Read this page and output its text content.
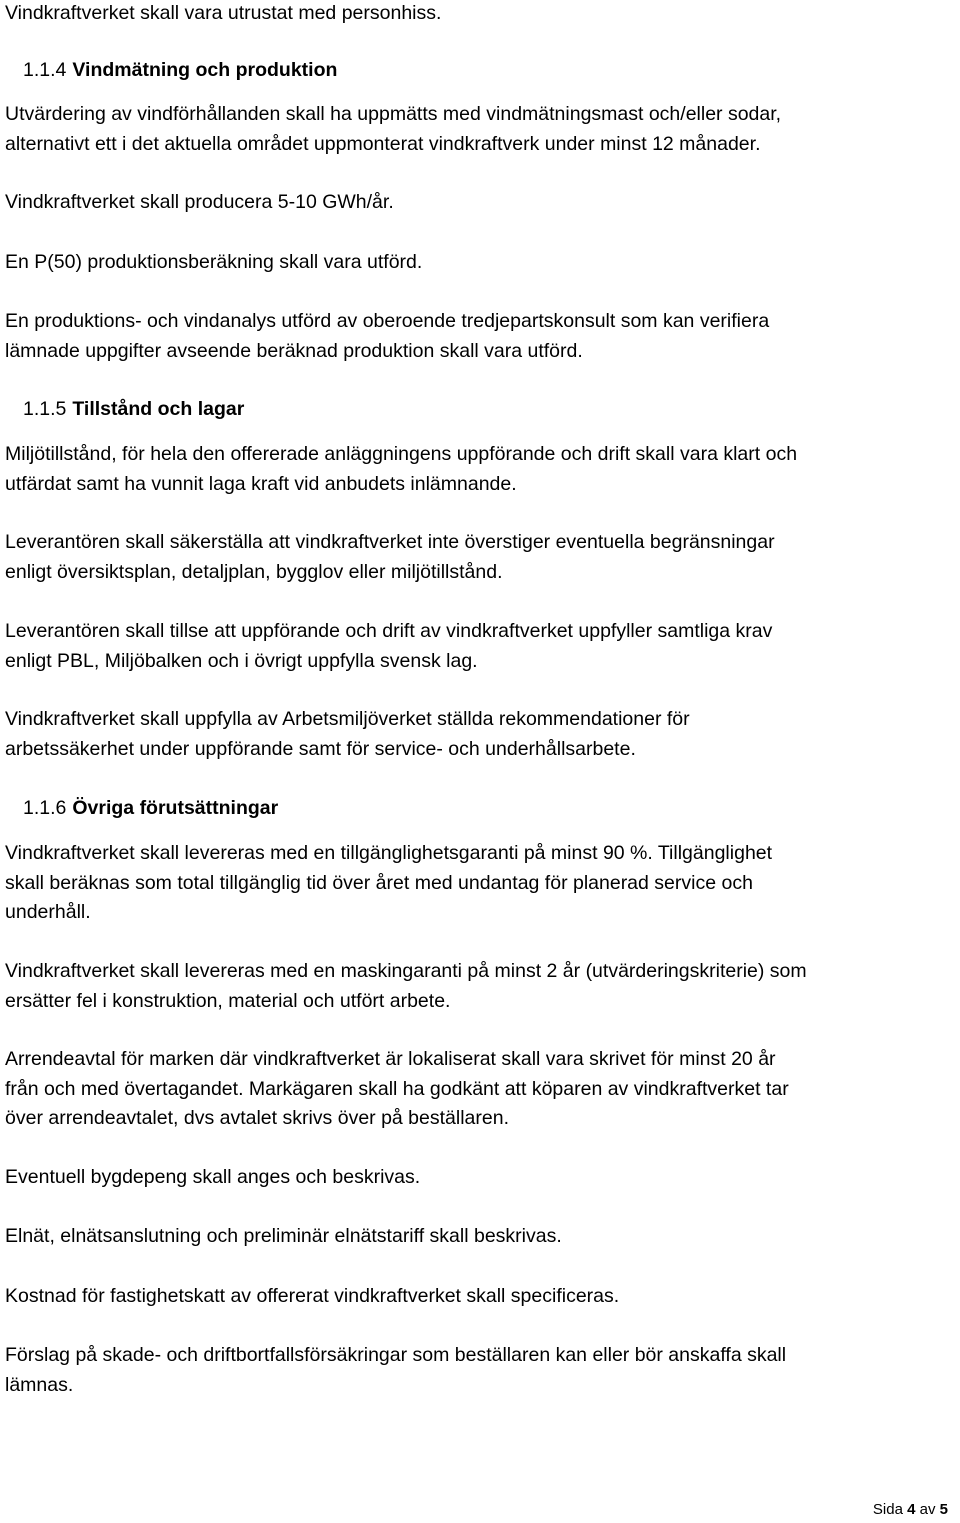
Vindkraftverket skall vara utrustat med personhiss.

1.1.4 Vindmätning och produktion

Utvärdering av vindförhållanden skall ha uppmätts med vindmätningsmast och/eller sodar,
alternativt ett i det aktuella området uppmonterat vindkraftverk under minst 12 månader.

Vindkraftverket skall producera 5-10 GWh/år.

En P(50) produktionsberäkning skall vara utförd.

En produktions- och vindanalys utförd av oberoende tredjepartskonsult som kan verifiera
lämnade uppgifter avseende beräknad produktion skall vara utförd.

1.1.5 Tillstånd och lagar

Miljötillstånd, för hela den offererade anläggningens uppförande och drift skall vara klart och
utfärdat samt ha vunnit laga kraft vid anbudets inlämnande.

Leverantören skall säkerställa att vindkraftverket inte överstiger eventuella begränsningar
enligt översiktsplan, detaljplan, bygglov eller miljötillstånd.

Leverantören skall tillse att uppförande och drift av vindkraftverket uppfyller samtliga krav
enligt PBL, Miljöbalken och i övrigt uppfylla svensk lag.

Vindkraftverket skall uppfylla av Arbetsmiljöverket ställda rekommendationer för
arbetssäkerhet under uppförande samt för service- och underhållsarbete.

1.1.6 Övriga förutsättningar

Vindkraftverket skall levereras med en tillgänglighetsgaranti på minst 90 %. Tillgänglighet
skall beräknas som total tillgänglig tid över året med undantag för planerad service och
underhåll.

Vindkraftverket skall levereras med en maskingaranti på minst 2 år (utvärderingskriterie) som
ersätter fel i konstruktion, material och utfört arbete.

Arrendeavtal för marken där vindkraftverket är lokaliserat skall vara skrivet för minst 20 år
från och med övertagandet. Markägaren skall ha godkänt att köparen av vindkraftverket tar
över arrendeavtalet, dvs avtalet skrivs över på beställaren.

Eventuell bygdepeng skall anges och beskrivas.

Elnät, elnätsanslutning och preliminär elnätstariff skall beskrivas.

Kostnad för fastighetskatt av offererat vindkraftverket skall specificeras.

Förslag på skade- och driftbortfallsförsäkringar som beställaren kan eller bör anskaffa skall
lämnas.

Sida 4 av 5
